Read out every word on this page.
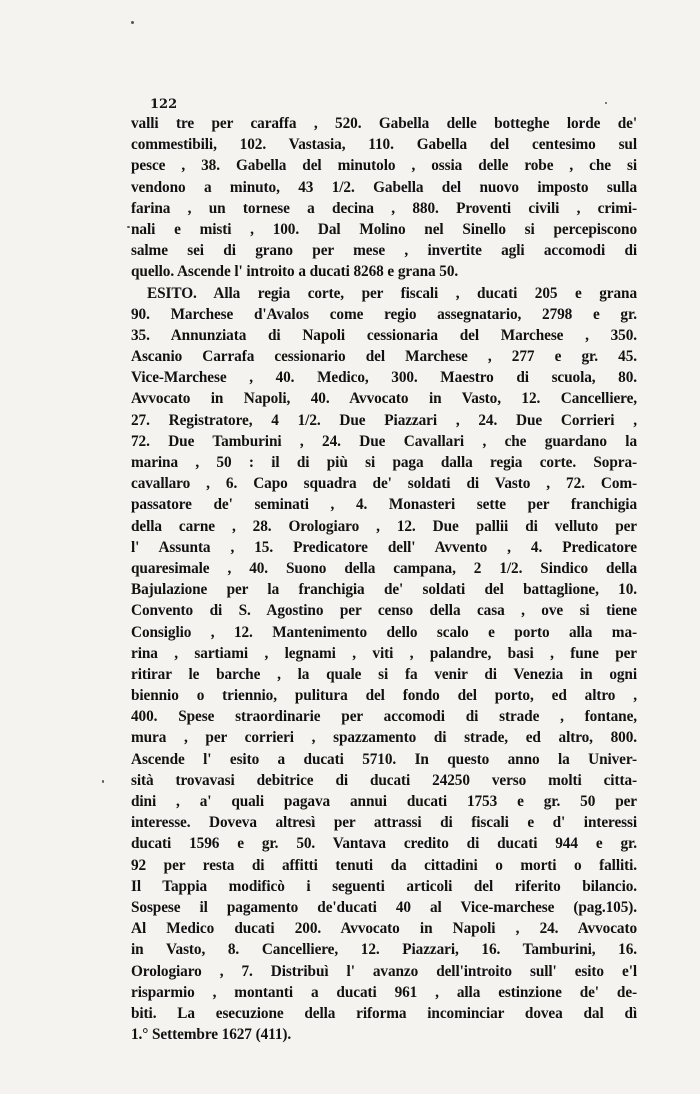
122
valli tre per caraffa , 520. Gabella delle botteghe lorde de'
commestibili, 102. Vastasia, 110. Gabella del centesimo sul
pesce , 38. Gabella del minutolo , ossia delle robe , che si
vendono a minuto, 43 1/2. Gabella del nuovo imposto sulla
farina , un tornese a decina , 880. Proventi civili , crimi-
nali e misti , 100. Dal Molino nel Sinello si percepiscono
salme sei di grano per mese , invertite agli accomodi di
quello. Ascende l' introito a ducati 8268 e grana 50.
ESITO. Alla regia corte, per fiscali , ducati 205 e grana
90. Marchese d'Avalos come regio assegnatario, 2798 e gr.
35. Annunziata di Napoli cessionaria del Marchese , 350.
Ascanio Carrafa cessionario del Marchese , 277 e gr. 45.
Vice-Marchese , 40. Medico, 300. Maestro di scuola, 80.
Avvocato in Napoli, 40. Avvocato in Vasto, 12. Cancelliere,
27. Registratore, 4 1/2. Due Piazzari , 24. Due Corrieri ,
72. Due Tamburini , 24. Due Cavallari , che guardano la
marina , 50 : il di più si paga dalla regia corte. Sopra-
cavallaro , 6. Capo squadra de' soldati di Vasto , 72. Com-
passatore de' seminati , 4. Monasteri sette per franchigia
della carne , 28. Orologiaro , 12. Due pallii di velluto per
l' Assunta , 15. Predicatore dell' Avvento , 4. Predicatore
quaresimale , 40. Suono della campana, 2 1/2. Sindico della
Bajulazione per la franchigia de' soldati del battaglione, 10.
Convento di S. Agostino per censo della casa , ove si tiene
Consiglio , 12. Mantenimento dello scalo e porto alla ma-
rina , sartiami , legnami , viti , palandre, basi , fune per
ritirar le barche , la quale si fa venir di Venezia in ogni
biennio o triennio, pulitura del fondo del porto, ed altro ,
400. Spese straordinarie per accomodi di strade , fontane,
mura , per corrieri , spazzamento di strade, ed altro, 800.
Ascende l' esito a ducati 5710. In questo anno la Univer-
sità trovavasi debitrice di ducati 24250 verso molti citta-
dini , a' quali pagava annui ducati 1753 e gr. 50 per
interesse. Doveva altresì per attrassi di fiscali e d' interessi
ducati 1596 e gr. 50. Vantava credito di ducati 944 e gr.
92 per resta di affitti tenuti da cittadini o morti o falliti.
Il Tappia modificò i seguenti articoli del riferito bilancio.
Sospese il pagamento de'ducati 40 al Vice-marchese (pag.105).
Al Medico ducati 200. Avvocato in Napoli , 24. Avvocato
in Vasto, 8. Cancelliere, 12. Piazzari, 16. Tamburini, 16.
Orologiaro , 7. Distribuì l' avanzo dell'introito sull' esito e'l
risparmio , montanti a ducati 961 , alla estinzione de' de-
biti. La esecuzione della riforma incominciar dovea dal dì
1.° Settembre 1627 (411).
